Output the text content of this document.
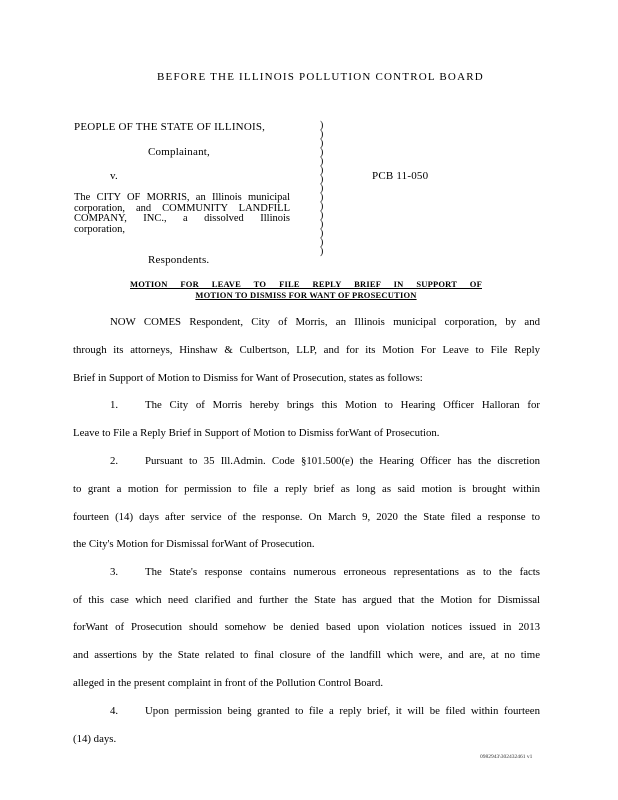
BEFORE THE ILLINOIS POLLUTION CONTROL BOARD
PEOPLE OF THE STATE OF ILLINOIS,
Complainant,
v.
The CITY OF MORRIS, an Illinois municipal
corporation, and COMMUNITY LANDFILL
COMPANY, INC., a dissolved Illinois
corporation,
Respondents.
)
)
)
)
)
)
)
)
)
)
)
)
)
)
)
PCB 11-050
MOTION FOR LEAVE TO FILE REPLY BRIEF IN SUPPORT OF
MOTION TO DISMISS FOR WANT OF PROSECUTION
NOW COMES Respondent, City of Morris, an Illinois municipal corporation, by and
through its attorneys, Hinshaw & Culbertson, LLP, and for its Motion For Leave to File Reply
Brief in Support of Motion to Dismiss for Want of Prosecution, states as follows:
1. The City of Morris hereby brings this Motion to Hearing Officer Halloran for
Leave to File a Reply Brief in Support of Motion to Dismiss forWant of Prosecution.
2. Pursuant to 35 Ill.Admin. Code §101.500(e) the Hearing Officer has the discretion
to grant a motion for permission to file a reply brief as long as said motion is brought within
fourteen (14) days after service of the response. On March 9, 2020 the State filed a response to
the City's Motion for Dismissal forWant of Prosecution.
3. The State's response contains numerous erroneous representations as to the facts
of this case which need clarified and further the State has argued that the Motion for Dismissal
forWant of Prosecution should somehow be denied based upon violation notices issued in 2013
and assertions by the State related to final closure of the landfill which were, and are, at no time
alleged in the present complaint in front of the Pollution Control Board.
4. Upon permission being granted to file a reply brief, it will be filed within fourteen
(14) days.
0982943\302432461 v1
